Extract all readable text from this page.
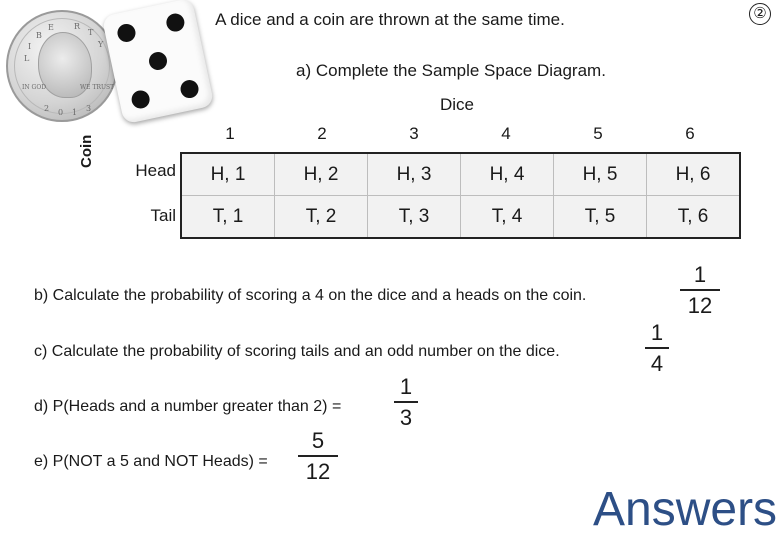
L
I
B
E	R
T
Y
IN GOD	WE TRUST
2 0 1 3
A dice and a coin are thrown at the same time.	②
a) Complete the Sample Space Diagram.
Dice
1	2	3	4	5	6
Coin
Head
Tail
H, 1	H, 2	H, 3	H, 4	H, 5	H, 6
T, 1	T, 2	T, 3	T, 4	T, 5	T, 6
b) Calculate the probability of scoring a 4 on the dice and a heads on the coin.
1
12
c) Calculate the probability of scoring tails and an odd number on the dice.
1
4
d) P(Heads and a number greater than 2) =
1
3
e) P(NOT a 5 and NOT Heads) =
5
12
Answers
